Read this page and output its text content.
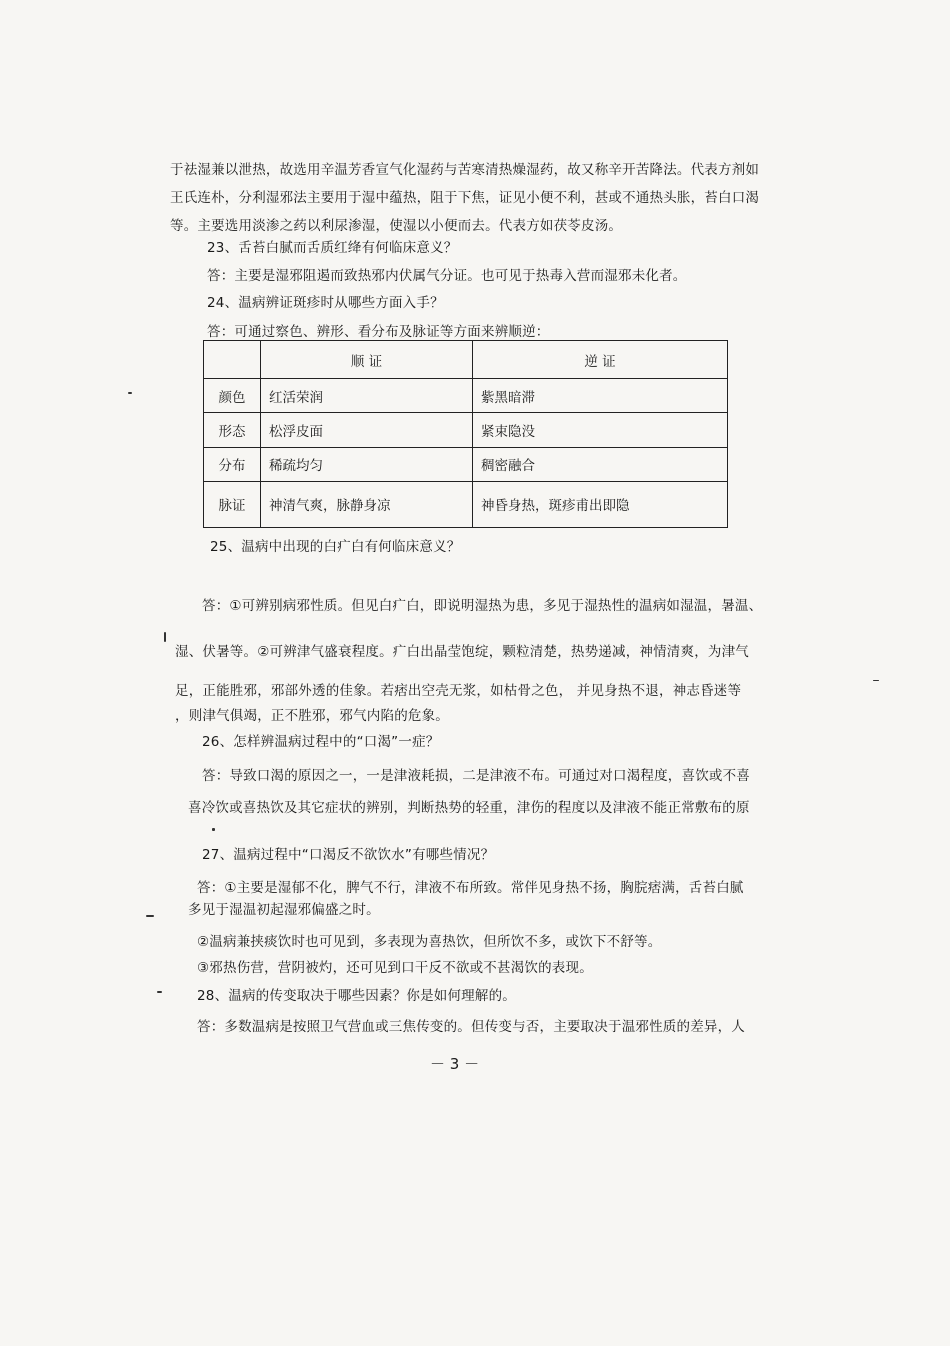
于祛湿兼以泄热，故选用辛温芳香宣气化湿药与苦寒清热燥湿药，故又称辛开苦降法。代表方剂如
王氏连朴，分利湿邪法主要用于湿中蕴热，阻于下焦，证见小便不利，甚或不通热头胀，苔白口渴
等。主要选用淡渗之药以利尿渗湿，使湿以小便而去。代表方如茯苓皮汤。
23、舌苔白腻而舌质红绛有何临床意义？
答：主要是湿邪阻遏而致热邪内伏属气分证。也可见于热毒入营而湿邪未化者。
24、温病辨证斑疹时从哪些方面入手？
答：可通过察色、辨形、看分布及脉证等方面来辨顺逆：
	顺 证	逆 证
颜色	红活荣润	紫黑暗滞
形态	松浮皮面	紧束隐没
分布	稀疏均匀	稠密融合
脉证	神清气爽，脉静身凉	神昏身热，斑疹甫出即隐
25、温病中出现的白疒白有何临床意义？
答：①可辨别病邪性质。但见白疒白，即说明湿热为患，多见于湿热性的温病如湿温，暑温、
湿、伏暑等。②可辨津气盛衰程度。疒白出晶莹饱绽，颗粒清楚，热势递减，神情清爽，为津气
足，正能胜邪，邪部外透的佳象。若痞出空壳无浆，如枯骨之色， 并见身热不退，神志昏迷等
，则津气俱竭，正不胜邪，邪气内陷的危象。
26、怎样辨温病过程中的“口渴”一症？
答：导致口渴的原因之一，一是津液耗损，二是津液不布。可通过对口渴程度，喜饮或不喜
喜冷饮或喜热饮及其它症状的辨别，判断热势的轻重，津伤的程度以及津液不能正常敷布的原
27、温病过程中“口渴反不欲饮水”有哪些情况？
答：①主要是湿郁不化，脾气不行，津液不布所致。常伴见身热不扬，胸脘痞满，舌苔白腻
多见于湿温初起湿邪偏盛之时。
②温病兼挟痰饮时也可见到，多表现为喜热饮，但所饮不多，或饮下不舒等。
③邪热伤营，营阴被灼，还可见到口干反不欲或不甚渴饮的表现。
28、温病的传变取决于哪些因素？你是如何理解的。
答：多数温病是按照卫气营血或三焦传变的。但传变与否，主要取决于温邪性质的差异，人
－ 3 －
